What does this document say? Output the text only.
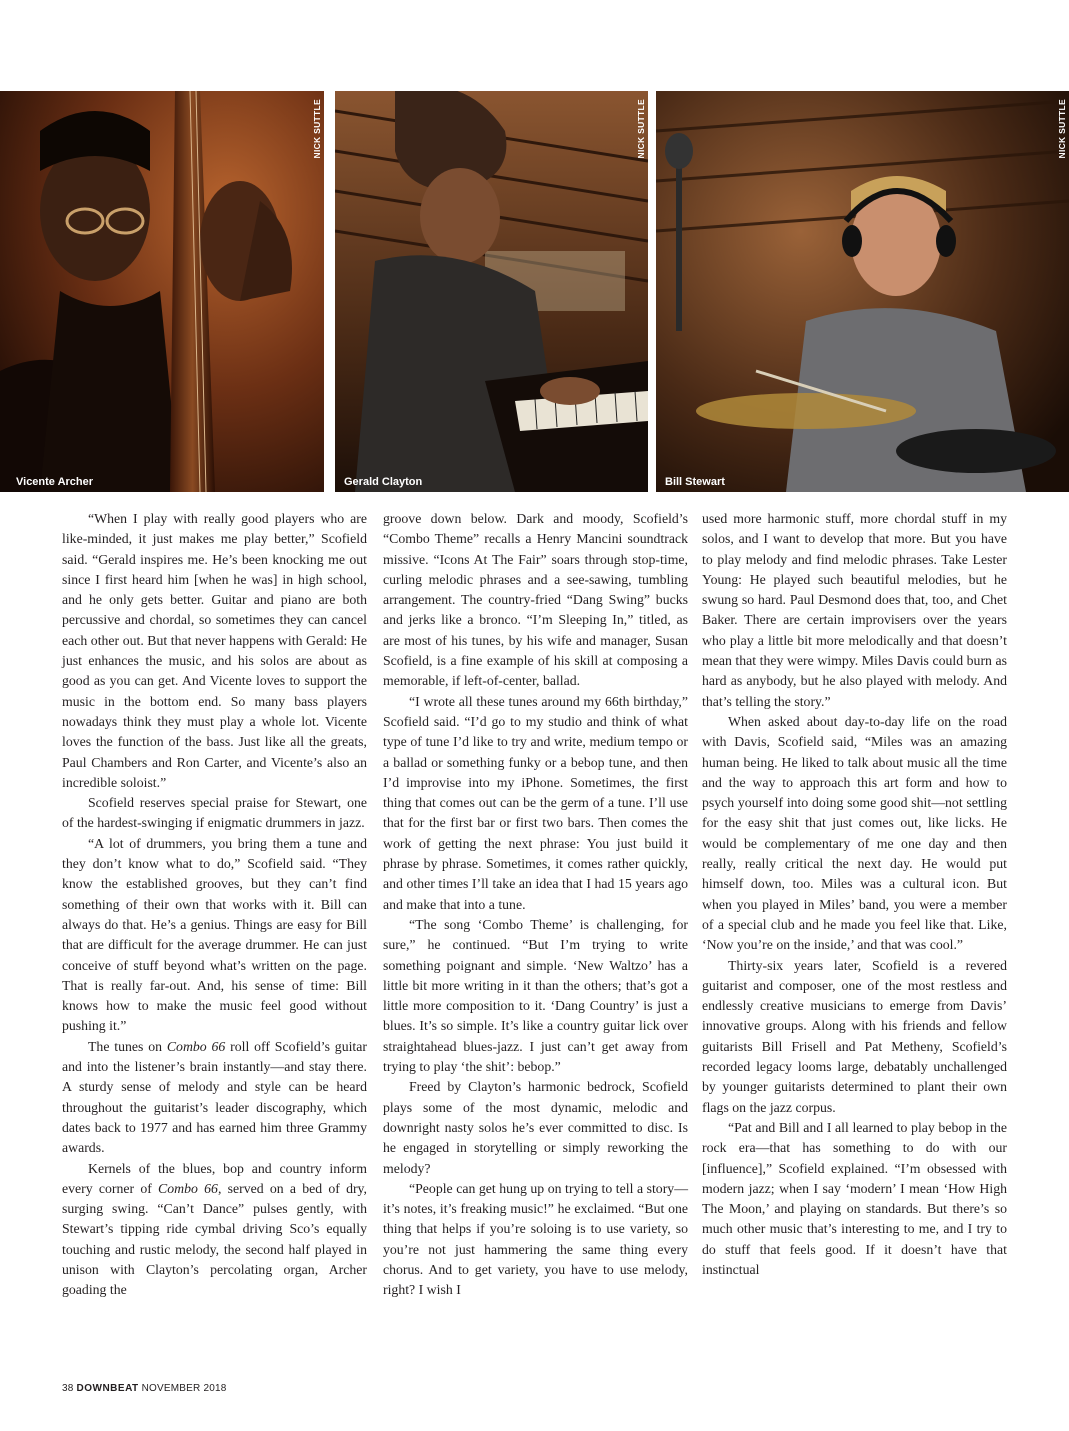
NICK SUTTLE
Vicente Archer
NICK SUTTLE
Gerald Clayton
NICK SUTTLE
Bill Stewart

“When I play with really good players who are like-minded, it just makes me play better,” Scofield said. “Gerald inspires me. He’s been knocking me out since I first heard him [when he was] in high school, and he only gets better. Guitar and piano are both percussive and chordal, so sometimes they can cancel each other out. But that never happens with Gerald: He just enhances the music, and his solos are about as good as you can get. And Vicente loves to support the music in the bottom end. So many bass players nowadays think they must play a whole lot. Vicente loves the function of the bass. Just like all the greats, Paul Chambers and Ron Carter, and Vicente’s also an incredible soloist.”

Scofield reserves special praise for Stewart, one of the hardest-swinging if enigmatic drummers in jazz.

“A lot of drummers, you bring them a tune and they don’t know what to do,” Scofield said. “They know the established grooves, but they can’t find something of their own that works with it. Bill can always do that. He’s a genius. Things are easy for Bill that are difficult for the average drummer. He can just conceive of stuff beyond what’s written on the page. That is really far-out. And, his sense of time: Bill knows how to make the music feel good without pushing it.”

The tunes on Combo 66 roll off Scofield’s guitar and into the listener’s brain instantly—and stay there. A sturdy sense of melody and style can be heard throughout the guitarist’s leader discography, which dates back to 1977 and has earned him three Grammy awards.

Kernels of the blues, bop and country inform every corner of Combo 66, served on a bed of dry, surging swing. “Can’t Dance” pulses gently, with Stewart’s tipping ride cymbal driving Sco’s equally touching and rustic melody, the second half played in unison with Clayton’s percolating organ, Archer goading the

groove down below. Dark and moody, Scofield’s “Combo Theme” recalls a Henry Mancini soundtrack missive. “Icons At The Fair” soars through stop-time, curling melodic phrases and a see-sawing, tumbling arrangement. The country-fried “Dang Swing” bucks and jerks like a bronco. “I’m Sleeping In,” titled, as are most of his tunes, by his wife and manager, Susan Scofield, is a fine example of his skill at composing a memorable, if left-of-center, ballad.

“I wrote all these tunes around my 66th birthday,” Scofield said. “I’d go to my studio and think of what type of tune I’d like to try and write, medium tempo or a ballad or something funky or a bebop tune, and then I’d improvise into my iPhone. Sometimes, the first thing that comes out can be the germ of a tune. I’ll use that for the first bar or first two bars. Then comes the work of getting the next phrase: You just build it phrase by phrase. Sometimes, it comes rather quickly, and other times I’ll take an idea that I had 15 years ago and make that into a tune.

“The song ‘Combo Theme’ is challenging, for sure,” he continued. “But I’m trying to write something poignant and simple. ‘New Waltzo’ has a little bit more writing in it than the others; that’s got a little more composition to it. ‘Dang Country’ is just a blues. It’s so simple. It’s like a country guitar lick over straightahead blues-jazz. I just can’t get away from trying to play ‘the shit’: bebop.”

Freed by Clayton’s harmonic bedrock, Scofield plays some of the most dynamic, melodic and downright nasty solos he’s ever committed to disc. Is he engaged in storytelling or simply reworking the melody?

“People can get hung up on trying to tell a story—it’s notes, it’s freaking music!” he exclaimed. “But one thing that helps if you’re soloing is to use variety, so you’re not just hammering the same thing every chorus. And to get variety, you have to use melody, right? I wish I

used more harmonic stuff, more chordal stuff in my solos, and I want to develop that more. But you have to play melody and find melodic phrases. Take Lester Young: He played such beautiful melodies, but he swung so hard. Paul Desmond does that, too, and Chet Baker. There are certain improvisers over the years who play a little bit more melodically and that doesn’t mean that they were wimpy. Miles Davis could burn as hard as anybody, but he also played with melody. And that’s telling the story.”

When asked about day-to-day life on the road with Davis, Scofield said, “Miles was an amazing human being. He liked to talk about music all the time and the way to approach this art form and how to psych yourself into doing some good shit—not settling for the easy shit that just comes out, like licks. He would be complementary of me one day and then really, really critical the next day. He would put himself down, too. Miles was a cultural icon. But when you played in Miles’ band, you were a member of a special club and he made you feel like that. Like, ‘Now you’re on the inside,’ and that was cool.”

Thirty-six years later, Scofield is a revered guitarist and composer, one of the most restless and endlessly creative musicians to emerge from Davis’ innovative groups. Along with his friends and fellow guitarists Bill Frisell and Pat Metheny, Scofield’s recorded legacy looms large, debatably unchallenged by younger guitarists determined to plant their own flags on the jazz corpus.

“Pat and Bill and I all learned to play bebop in the rock era—that has something to do with our [influence],” Scofield explained. “I’m obsessed with modern jazz; when I say ‘modern’ I mean ‘How High The Moon,’ and playing on standards. But there’s so much other music that’s interesting to me, and I try to do stuff that feels good. If it doesn’t have that instinctual

38 DOWNBEAT NOVEMBER 2018
